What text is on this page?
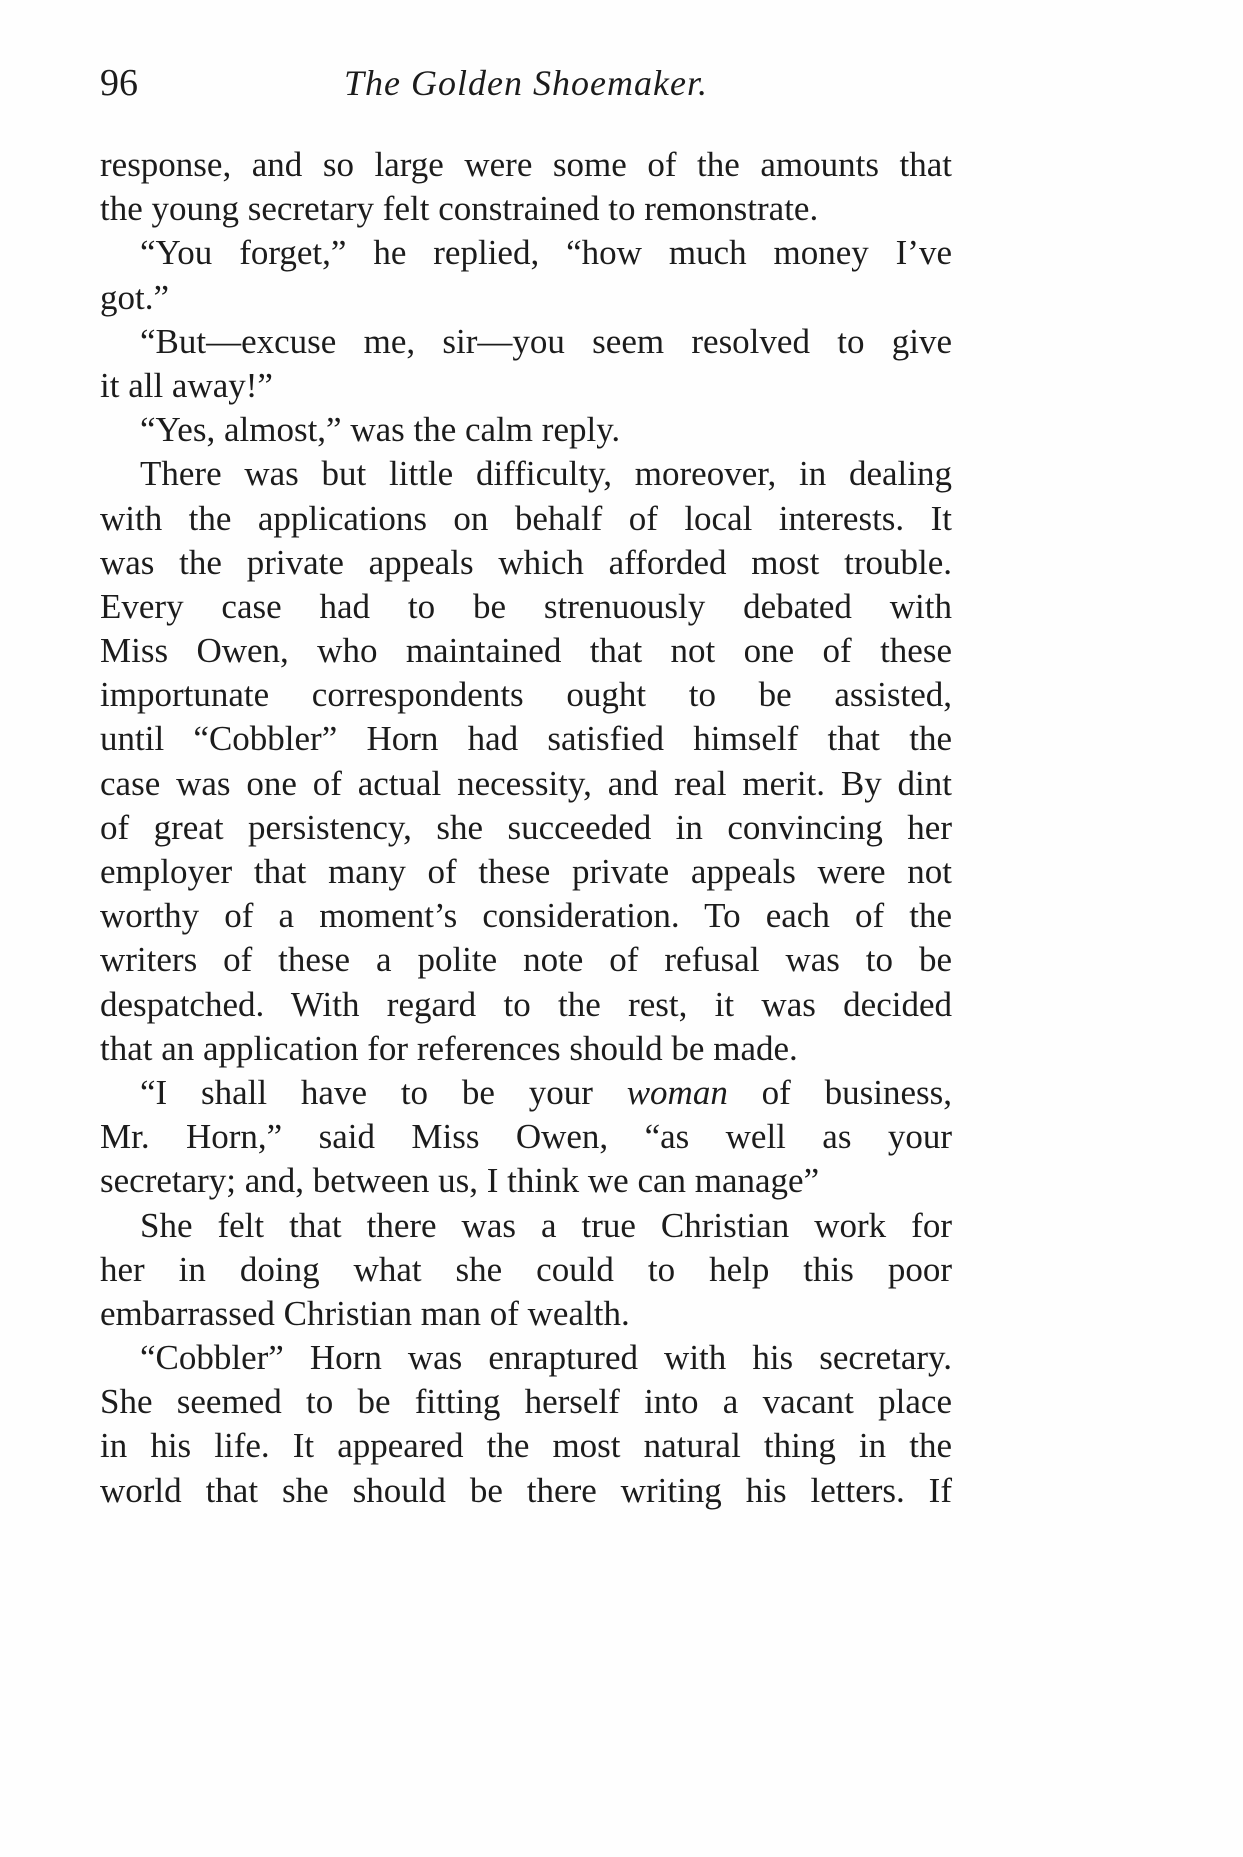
96	The Golden Shoemaker.
response, and so large were some of the amounts that
the young secretary felt constrained to remonstrate.
“You forget,” he replied, “how much money I’ve
got.”
“But—excuse me, sir—you seem resolved to give
it all away!”
“Yes, almost,” was the calm reply.
There was but little difficulty, moreover, in dealing
with the applications on behalf of local interests. It
was the private appeals which afforded most trouble.
Every case had to be strenuously debated with
Miss Owen, who maintained that not one of these
importunate correspondents ought to be assisted,
until “Cobbler” Horn had satisfied himself that the
case was one of actual necessity, and real merit. By dint
of great persistency, she succeeded in convincing her
employer that many of these private appeals were not
worthy of a moment’s consideration. To each of the
writers of these a polite note of refusal was to be
despatched. With regard to the rest, it was decided
that an application for references should be made.
“I shall have to be your woman of business,
Mr. Horn,” said Miss Owen, “as well as your
secretary; and, between us, I think we can manage”
She felt that there was a true Christian work for
her in doing what she could to help this poor
embarrassed Christian man of wealth.
“Cobbler” Horn was enraptured with his secretary.
She seemed to be fitting herself into a vacant place
in his life. It appeared the most natural thing in the
world that she should be there writing his letters. If
